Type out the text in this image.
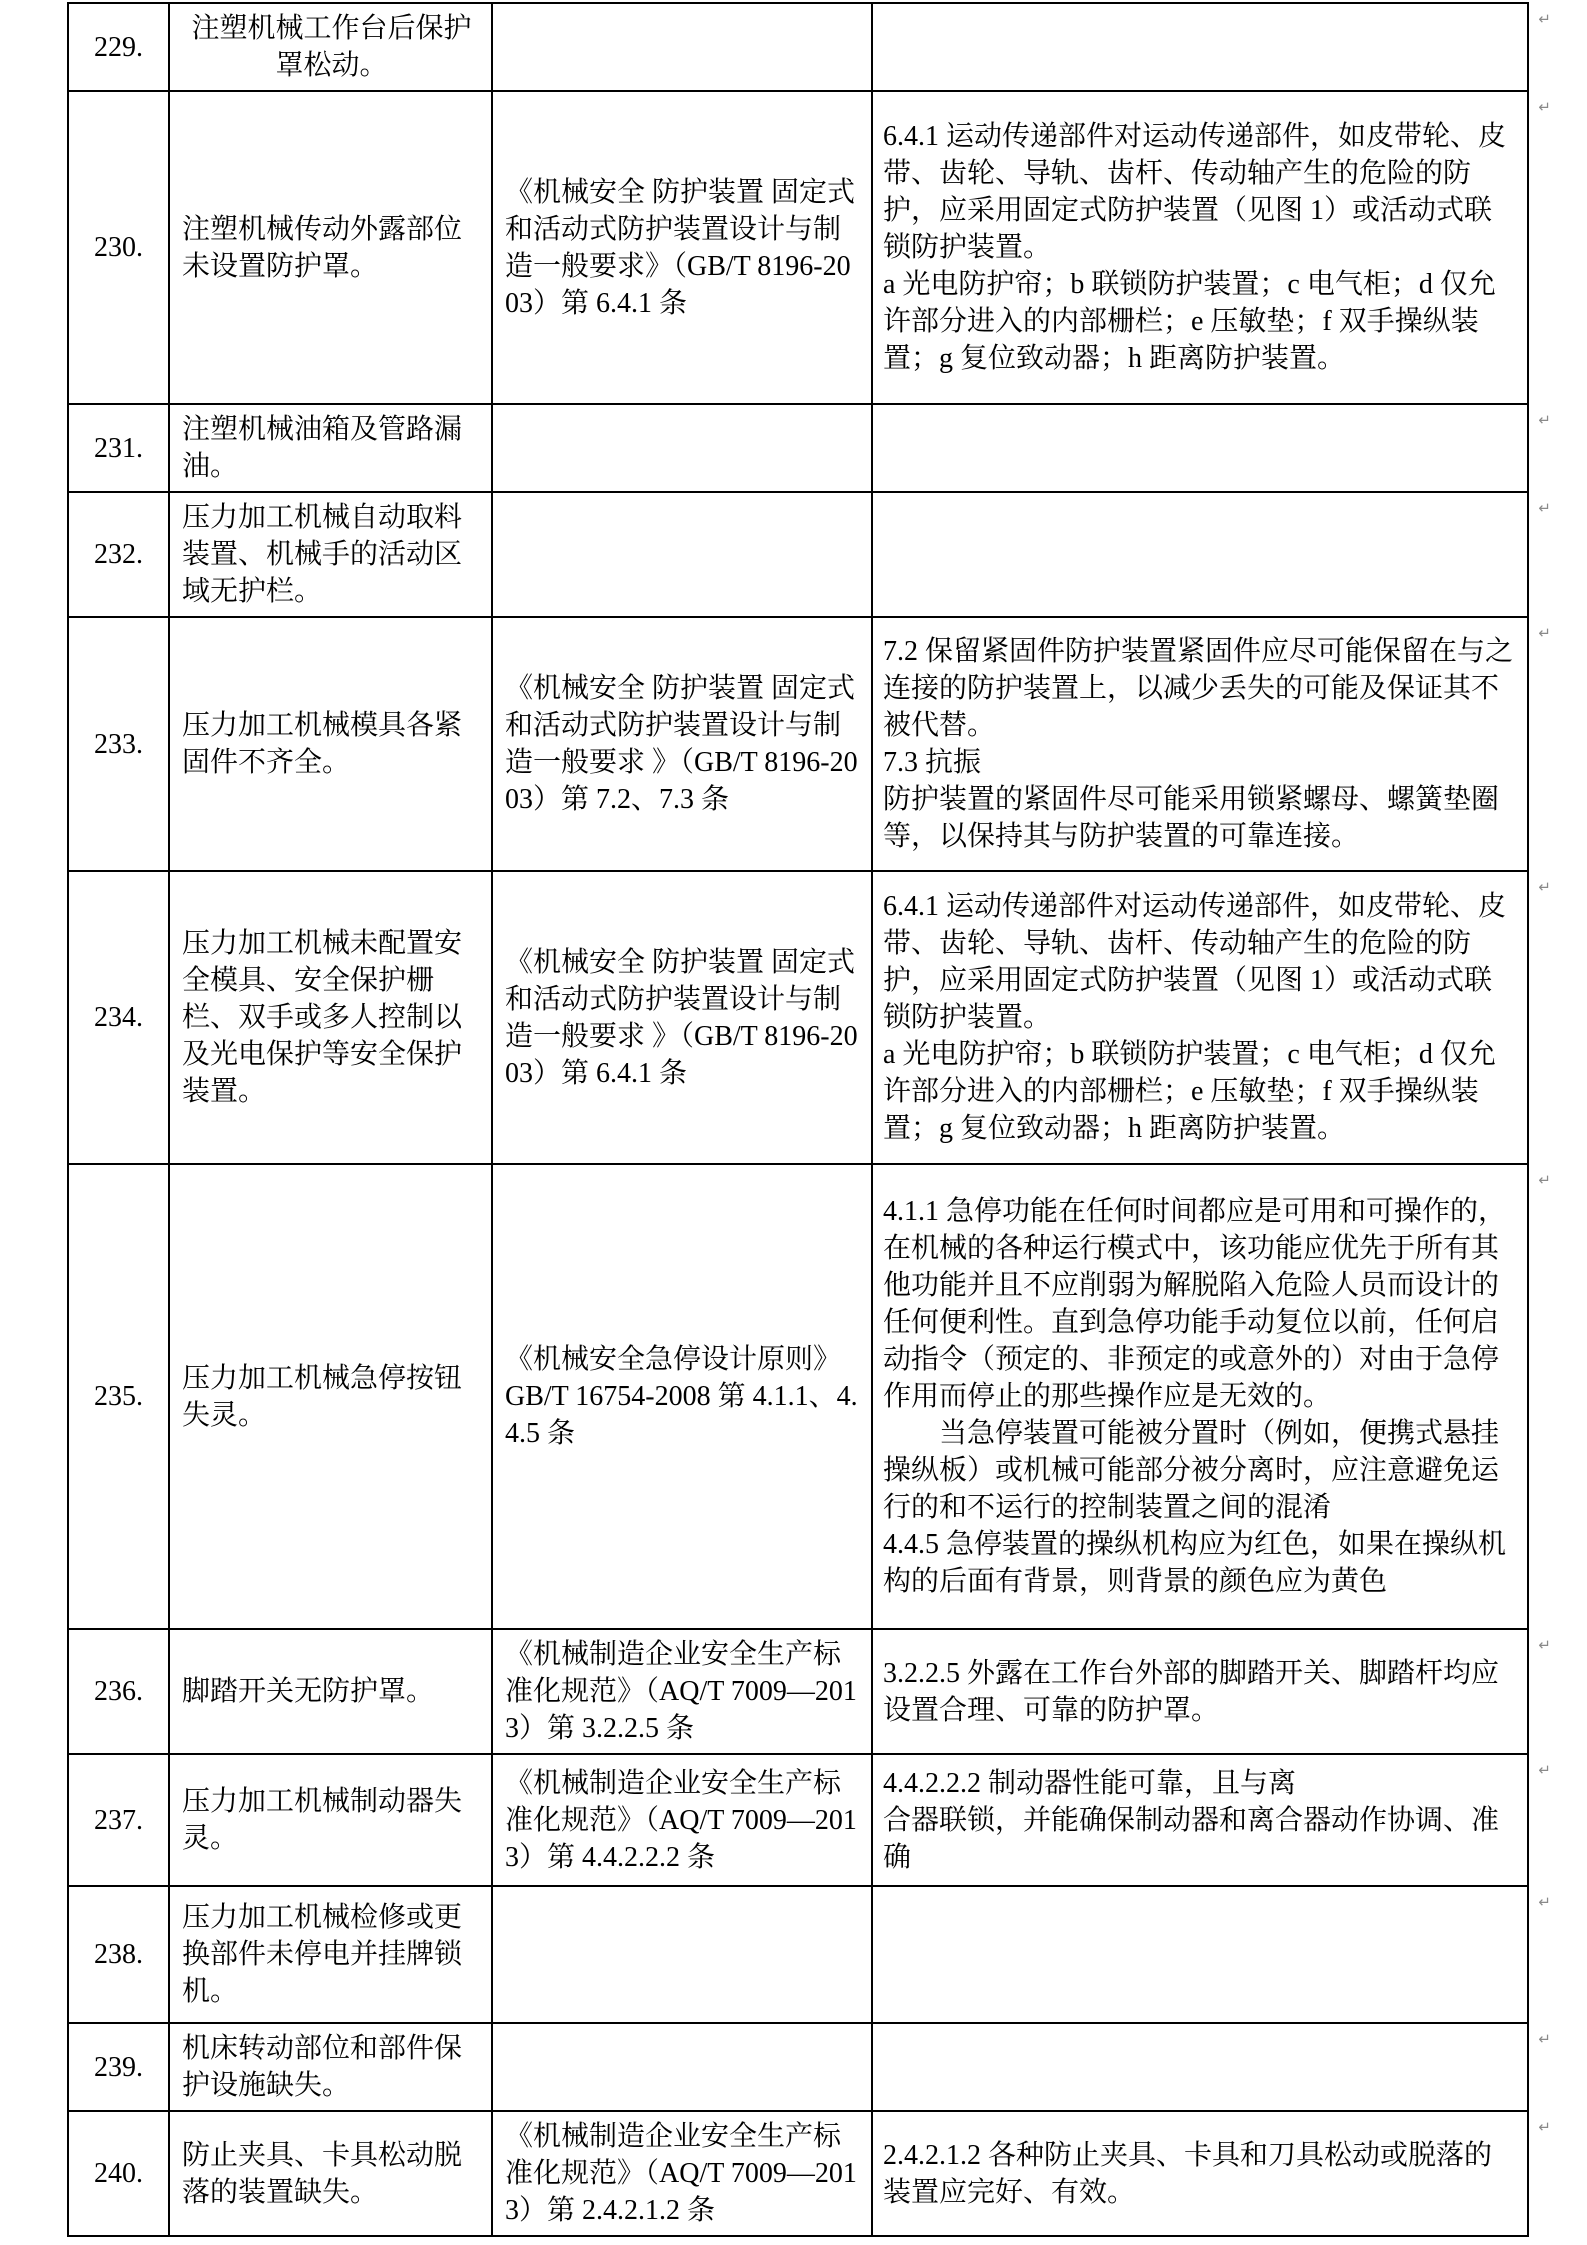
229.	注塑机械工作台后保护罩松动。		↵

230.	注塑机械传动外露部位未设置防护罩。	《机械安全 防护装置 固定式和活动式防护装置设计与制造一般要求》（GB/T 8196-2003）第 6.4.1 条	6.4.1 运动传递部件对运动传递部件，如皮带轮、皮带、齿轮、导轨、齿杆、传动轴产生的危险的防护，应采用固定式防护装置（见图 1）或活动式联锁防护装置。
a 光电防护帘；b 联锁防护装置；c 电气柜；d 仅允许部分进入的内部栅栏；e 压敏垫；f 双手操纵装置；g 复位致动器；h 距离防护装置。
↵

231.	注塑机械油箱及管路漏油。		↵

232.	压力加工机械自动取料装置、机械手的活动区域无护栏。		↵

233.	压力加工机械模具各紧固件不齐全。	《机械安全 防护装置 固定式和活动式防护装置设计与制造一般要求 》（GB/T 8196-2003）第 7.2、7.3 条	7.2 保留紧固件防护装置紧固件应尽可能保留在与之连接的防护装置上，以减少丢失的可能及保证其不被代替。
7.3 抗振
防护装置的紧固件尽可能采用锁紧螺母、螺簧垫圈等，以保持其与防护装置的可靠连接。
↵

234.	压力加工机械未配置安全模具、安全保护栅栏、双手或多人控制以及光电保护等安全保护装置。	《机械安全 防护装置 固定式和活动式防护装置设计与制造一般要求 》（GB/T 8196-2003）第 6.4.1 条	6.4.1 运动传递部件对运动传递部件，如皮带轮、皮带、齿轮、导轨、齿杆、传动轴产生的危险的防护，应采用固定式防护装置（见图 1）或活动式联锁防护装置。
a 光电防护帘；b 联锁防护装置；c 电气柜；d 仅允许部分进入的内部栅栏；e 压敏垫；f 双手操纵装置；g 复位致动器；h 距离防护装置。
↵

235.	压力加工机械急停按钮失灵。	《机械安全急停设计原则》GB/T 16754-2008 第 4.1.1、4.4.5 条	4.1.1 急停功能在任何时间都应是可用和可操作的，在机械的各种运行模式中，该功能应优先于所有其他功能并且不应削弱为解脱陷入危险人员而设计的任何便利性。直到急停功能手动复位以前，任何启动指令（预定的、非预定的或意外的）对由于急停作用而停止的那些操作应是无效的。
　　当急停装置可能被分置时（例如，便携式悬挂操纵板）或机械可能部分被分离时，应注意避免运行的和不运行的控制装置之间的混淆
4.4.5 急停装置的操纵机构应为红色，如果在操纵机构的后面有背景，则背景的颜色应为黄色
↵

236.	脚踏开关无防护罩。	《机械制造企业安全生产标准化规范》（AQ/T 7009—2013）第 3.2.2.5 条	3.2.2.5 外露在工作台外部的脚踏开关、脚踏杆均应设置合理、可靠的防护罩。
↵

237.	压力加工机械制动器失灵。	《机械制造企业安全生产标准化规范》（AQ/T 7009—2013）第 4.4.2.2.2 条	4.4.2.2.2 制动器性能可靠，且与离
合器联锁，并能确保制动器和离合器动作协调、准确
↵

238.	压力加工机械检修或更换部件未停电并挂牌锁机。		↵

239.	机床转动部位和部件保护设施缺失。		↵

240.	防止夹具、卡具松动脱落的装置缺失。	《机械制造企业安全生产标准化规范》（AQ/T 7009—2013）第 2.4.2.1.2 条	2.4.2.1.2 各种防止夹具、卡具和刀具松动或脱落的装置应完好、有效。
↵
